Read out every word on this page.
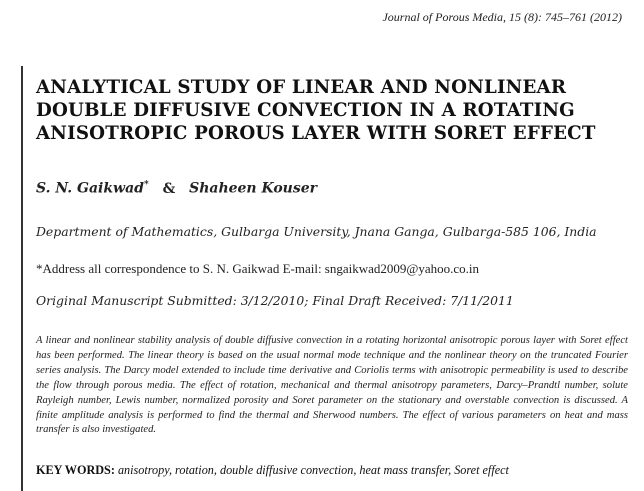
Journal of Porous Media, 15 (8): 745–761 (2012)
ANALYTICAL STUDY OF LINEAR AND NONLINEAR DOUBLE DIFFUSIVE CONVECTION IN A ROTATING ANISOTROPIC POROUS LAYER WITH SORET EFFECT
S. N. Gaikwad* & Shaheen Kouser
Department of Mathematics, Gulbarga University, Jnana Ganga, Gulbarga-585 106, India
*Address all correspondence to S. N. Gaikwad E-mail: sngaikwad2009@yahoo.co.in
Original Manuscript Submitted: 3/12/2010; Final Draft Received: 7/11/2011
A linear and nonlinear stability analysis of double diffusive convection in a rotating horizontal anisotropic porous layer with Soret effect has been performed. The linear theory is based on the usual normal mode technique and the nonlinear theory on the truncated Fourier series analysis. The Darcy model extended to include time derivative and Coriolis terms with anisotropic permeability is used to describe the flow through porous media. The effect of rotation, mechanical and thermal anisotropy parameters, Darcy–Prandtl number, solute Rayleigh number, Lewis number, normalized porosity and Soret parameter on the stationary and overstable convection is discussed. A finite amplitude analysis is performed to find the thermal and Sherwood numbers. The effect of various parameters on heat and mass transfer is also investigated.
KEY WORDS: anisotropy, rotation, double diffusive convection, heat mass transfer, Soret effect
